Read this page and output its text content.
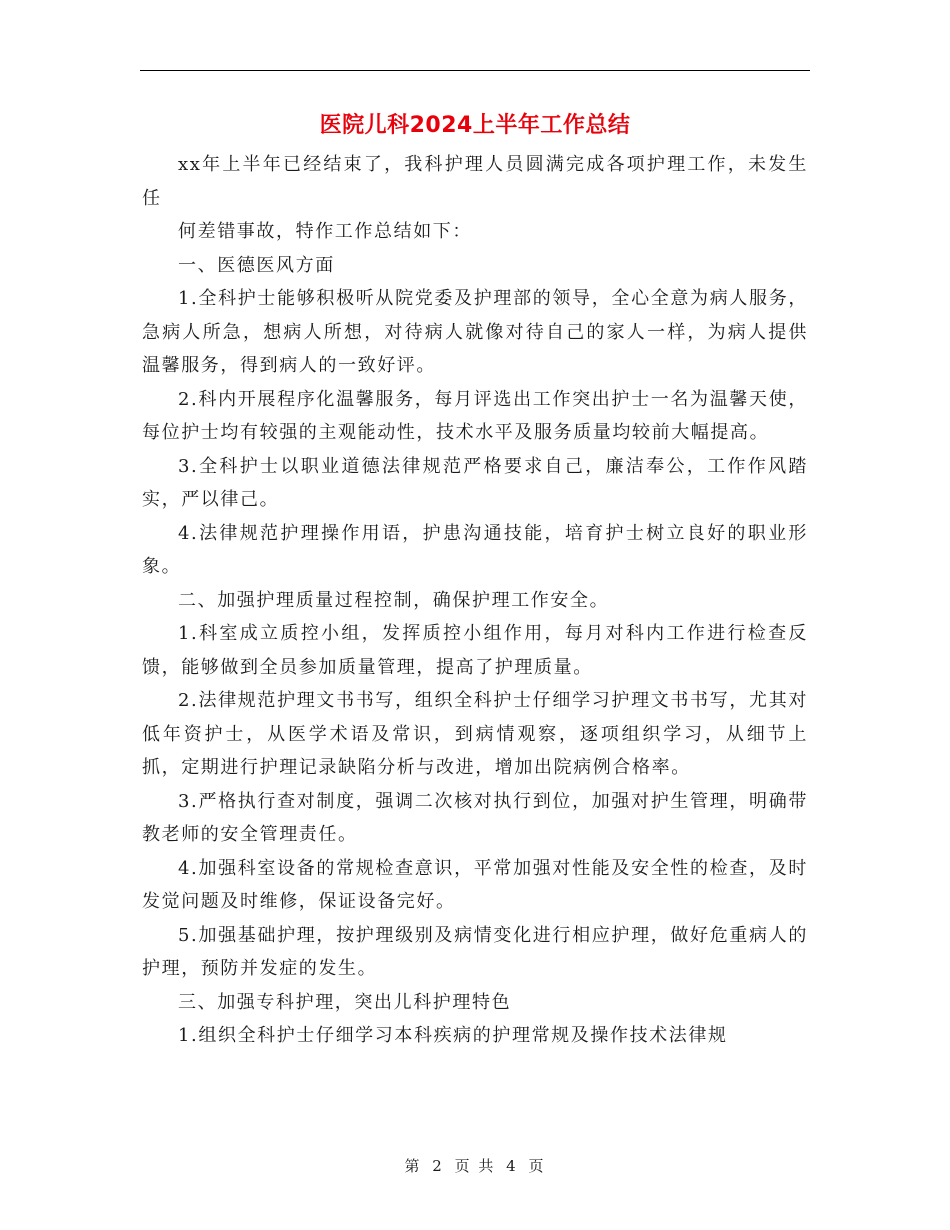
医院儿科2024上半年工作总结

xx年上半年已经结束了，我科护理人员圆满完成各项护理工作，未发生任

何差错事故，特作工作总结如下：

一、医德医风方面

1.全科护士能够积极听从院党委及护理部的领导，全心全意为病人服务，急病人所急，想病人所想，对待病人就像对待自己的家人一样，为病人提供温馨服务，得到病人的一致好评。

2.科内开展程序化温馨服务，每月评选出工作突出护士一名为温馨天使，每位护士均有较强的主观能动性，技术水平及服务质量均较前大幅提高。

3.全科护士以职业道德法律规范严格要求自己，廉洁奉公，工作作风踏实，严以律己。

4.法律规范护理操作用语，护患沟通技能，培育护士树立良好的职业形象。

二、加强护理质量过程控制，确保护理工作安全。

1.科室成立质控小组，发挥质控小组作用，每月对科内工作进行检查反馈，能够做到全员参加质量管理，提高了护理质量。

2.法律规范护理文书书写，组织全科护士仔细学习护理文书书写，尤其对低年资护士，从医学术语及常识，到病情观察，逐项组织学习，从细节上抓，定期进行护理记录缺陷分析与改进，增加出院病例合格率。

3.严格执行查对制度，强调二次核对执行到位，加强对护生管理，明确带教老师的安全管理责任。

4.加强科室设备的常规检查意识，平常加强对性能及安全性的检查，及时发觉问题及时维修，保证设备完好。

5.加强基础护理，按护理级别及病情变化进行相应护理，做好危重病人的护理，预防并发症的发生。

三、加强专科护理，突出儿科护理特色

1.组织全科护士仔细学习本科疾病的护理常规及操作技术法律规

第 2 页 共 4 页
